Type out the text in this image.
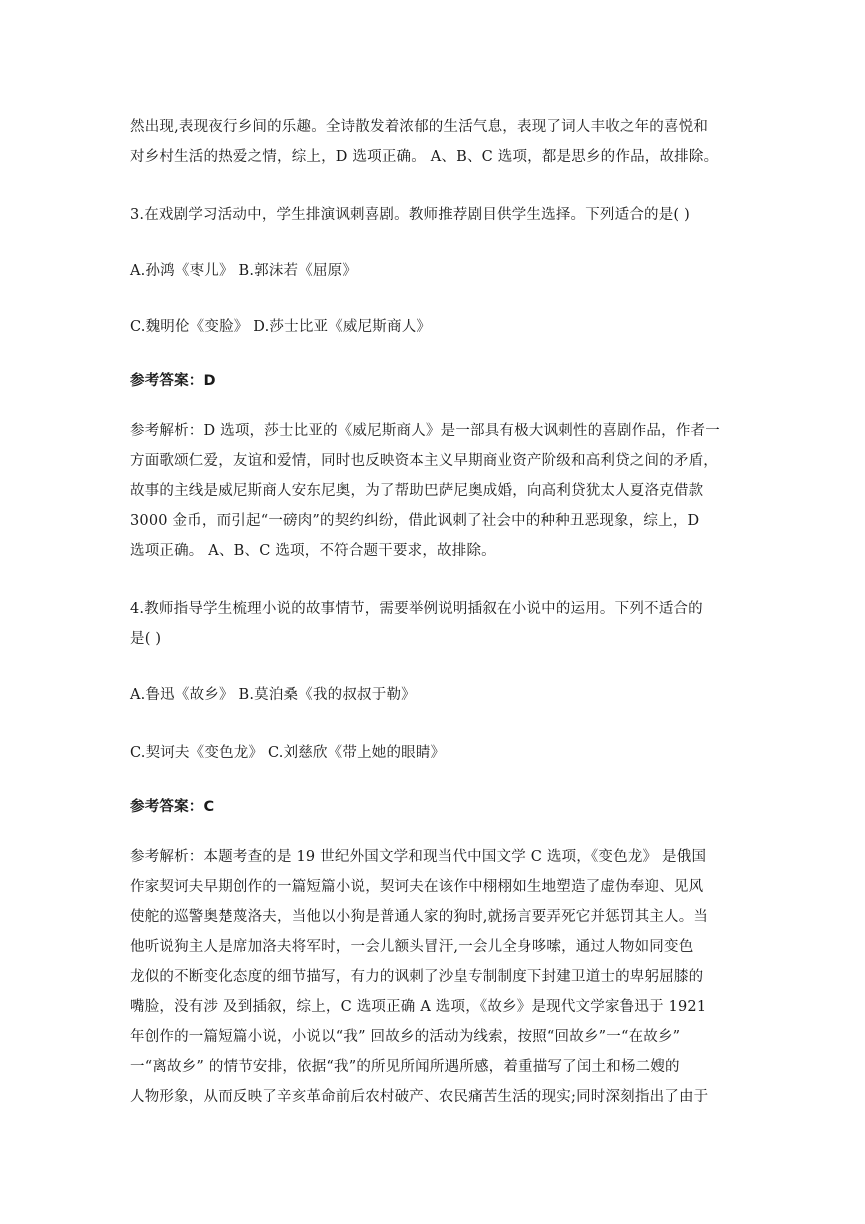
然出现,表现夜行乡间的乐趣。全诗散发着浓郁的生活气息，表现了词人丰收之年的喜悦和
对乡村生活的热爱之情，综上，D 选项正确。 A、B、C 选项，都是思乡的作品，故排除。
3.在戏剧学习活动中，学生排演讽刺喜剧。教师推荐剧目供学生选择。下列适合的是( )
A.孙鸿《枣儿》 B.郭沫若《屈原》
C.魏明伦《变脸》 D.莎士比亚《威尼斯商人》
参考答案：D
参考解析：D 选项，莎士比亚的《威尼斯商人》是一部具有极大讽刺性的喜剧作品，作者一
方面歌颂仁爱，友谊和爱情，同时也反映资本主义早期商业资产阶级和高利贷之间的矛盾，
故事的主线是威尼斯商人安东尼奥，为了帮助巴萨尼奥成婚，向高利贷犹太人夏洛克借款
3000 金币，而引起“一磅肉”的契约纠纷，借此讽刺了社会中的种种丑恶现象，综上，D
选项正确。 A、B、C 选项，不符合题干要求，故排除。
4.教师指导学生梳理小说的故事情节，需要举例说明插叙在小说中的运用。下列不适合的
是( )
A.鲁迅《故乡》 B.莫泊桑《我的叔叔于勒》
C.契诃夫《变色龙》 C.刘慈欣《带上她的眼睛》
参考答案：C
参考解析：本题考查的是 19 世纪外国文学和现当代中国文学 C 选项，《变色龙》 是俄国
作家契诃夫早期创作的一篇短篇小说，契诃夫在该作中栩栩如生地塑造了虚伪奉迎、见风
使舵的巡警奥楚蔑洛夫，当他以小狗是普通人家的狗时,就扬言要弄死它并惩罚其主人。当
他听说狗主人是席加洛夫将军时，一会儿额头冒汗,一会儿全身哆嗦，通过人物如同变色
龙似的不断变化态度的细节描写，有力的讽刺了沙皇专制制度下封建卫道士的卑躬屈膝的
嘴脸，没有涉 及到插叙，综上，C 选项正确 A 选项，《故乡》是现代文学家鲁迅于 1921
年创作的一篇短篇小说，小说以“我” 回故乡的活动为线索，按照“回故乡”一“在故乡”
一“离故乡” 的情节安排，依据“我”的所见所闻所遇所感，着重描写了闰土和杨二嫂的
人物形象，从而反映了辛亥革命前后农村破产、农民痛苦生活的现实;同时深刻指出了由于
